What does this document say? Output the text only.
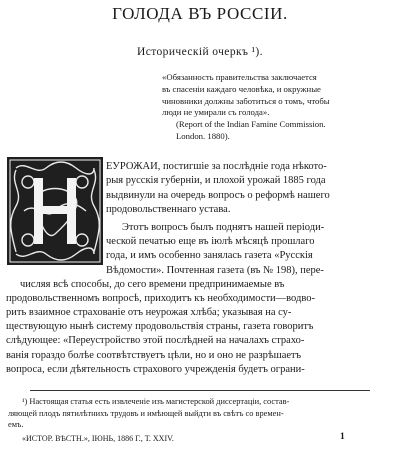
ГОЛОДА ВЪ РОССІИ.
Историческій очеркъ ¹).
«Обязанность правительства заключается
въ спасеніи каждаго человѣка, и окружные
чиновники должны заботиться о томъ, чтобы
люди не умирали съ голода».
(Report of the Indian Famine Commission.
London. 1880).
ЕУРОЖАИ, постигшіе за послѣдніе года нѣкото-
рыя русскія губерніи, и плохой урожай 1885 года
выдвинули на очередь вопросъ о реформѣ нашего
продовольственнаго устава.
Этотъ вопросъ былъ поднятъ нашей періоди-
ческой печатью еще въ іюлѣ мѣсяцѣ прошлаго
года, и имъ особенно занялась газета «Русскія
Вѣдомости». Почтенная газета (въ № 198), пере-
числяя всѣ способы, до сего времени предпринимаемые въ
продовольственномъ вопросѣ, приходитъ къ необходимости—водво-
рить взаимное страхованіе отъ неурожая хлѣба; указывая на су-
ществующую нынѣ систему продовольствія страны, газета говоритъ
слѣдующее: «Переустройство этой послѣдней на началахъ страхо-
ванія гораздо болѣе соотвѣтствуетъ цѣли, но и оно не разрѣшаетъ
вопроса, если дѣятельность страхового учрежденія будетъ ограни-
¹) Настоящая статья есть извлеченіе изъ магистерской диссертаціи, состав-
ляющей плодъ пятилѣтнихъ трудовъ и имѣющей выйдти въ свѣтъ со времен-
емъ.
«ИСТОР. ВѢСТН.», ІЮНЬ, 1886 Г., Т. XXIV.	1
